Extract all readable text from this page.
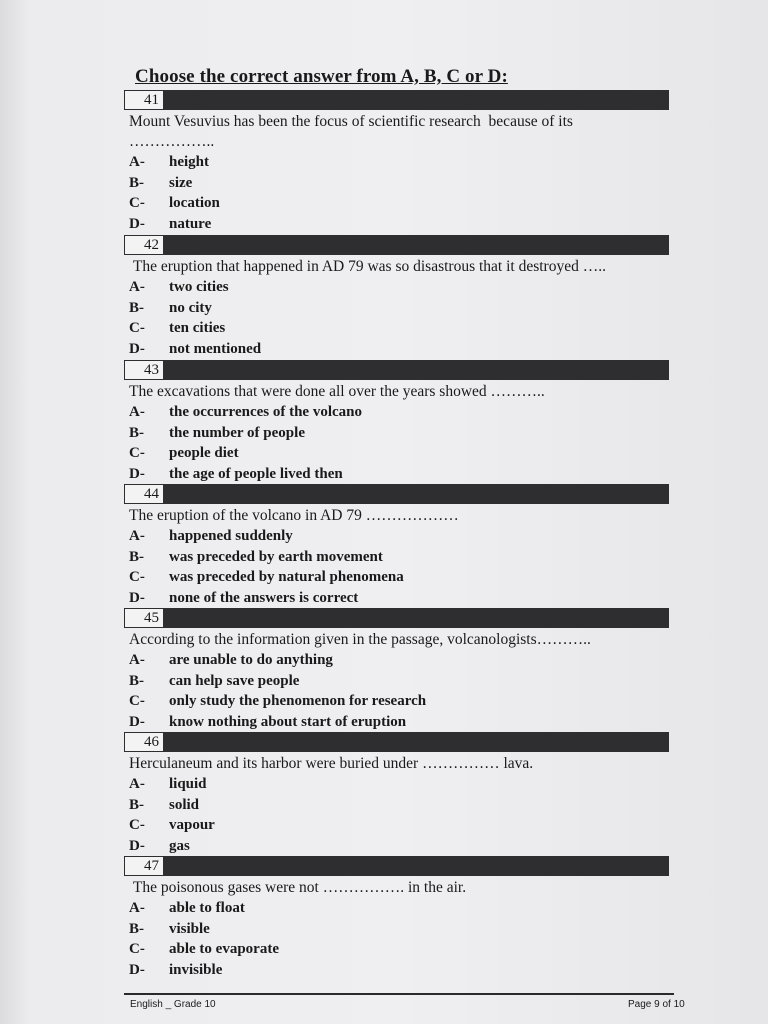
Choose the correct answer from A, B, C or D:
41
Mount Vesuvius has been the focus of scientific research  because of its
……………..
A-	height
B-	size
C-	location
D-	nature
42
The eruption that happened in AD 79 was so disastrous that it destroyed …..
A-	two cities
B-	no city
C-	ten cities
D-	not mentioned
43
The excavations that were done all over the years showed ………..
A-	the occurrences of the volcano
B-	the number of people
C-	people diet
D-	the age of people lived then
44
The eruption of the volcano in AD 79 ………………
A-	happened suddenly
B-	was preceded by earth movement
C-	was preceded by natural phenomena
D-	none of the answers is correct
45
According to the information given in the passage, volcanologists………..
A-	are unable to do anything
B-	can help save people
C-	only study the phenomenon for research
D-	know nothing about start of eruption
46
Herculaneum and its harbor were buried under …………… lava.
A-	liquid
B-	solid
C-	vapour
D-	gas
47
The poisonous gases were not ……………. in the air.
A-	able to float
B-	visible
C-	able to evaporate
D-	invisible
English _ Grade 10	Page 9 of 10
